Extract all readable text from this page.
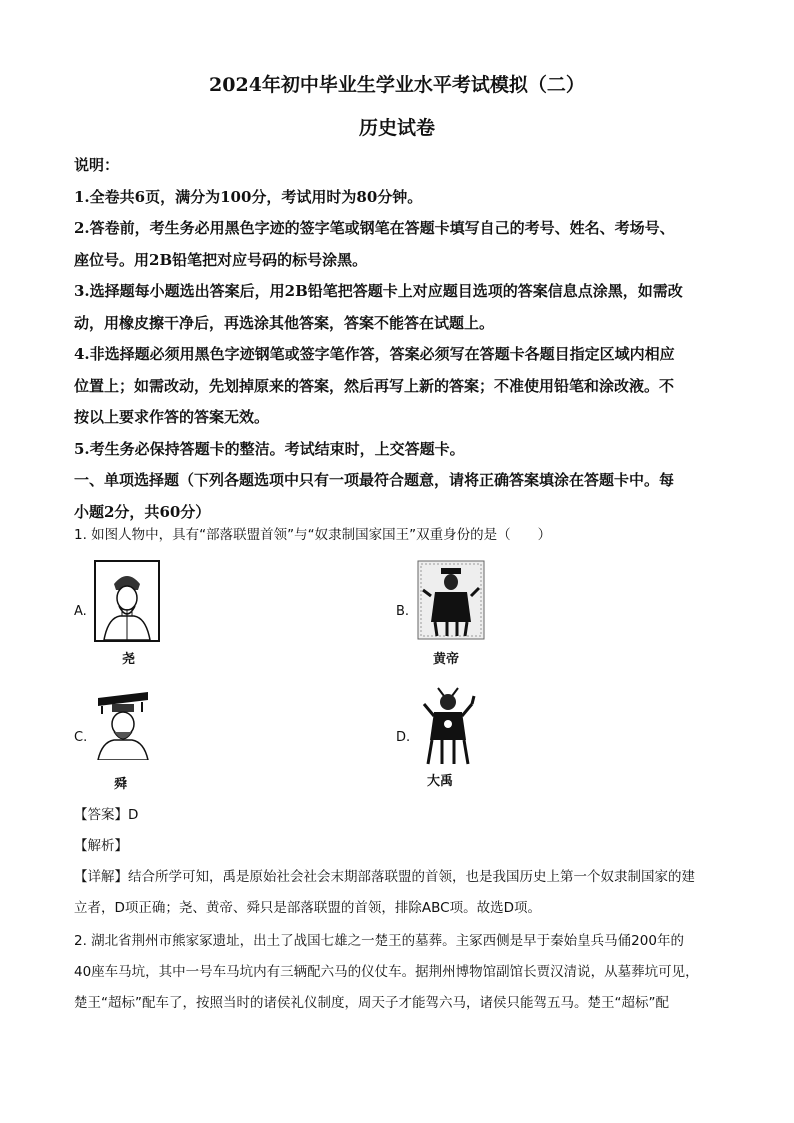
2024年初中毕业生学业水平考试模拟（二）
历史试卷

说明：

1.全卷共6页，满分为100分，考试用时为80分钟。

2.答卷前，考生务必用黑色字迹的签字笔或钢笔在答题卡填写自己的考号、姓名、考场号、

座位号。用2B铅笔把对应号码的标号涂黑。

3.选择题每小题选出答案后，用2B铅笔把答题卡上对应题目选项的答案信息点涂黑，如需改

动，用橡皮擦干净后，再选涂其他答案，答案不能答在试题上。

4.非选择题必须用黑色字迹钢笔或签字笔作答，答案必须写在答题卡各题目指定区域内相应

位置上；如需改动，先划掉原来的答案，然后再写上新的答案；不准使用铅笔和涂改液。不

按以上要求作答的答案无效。

5.考生务必保持答题卡的整洁。考试结束时，上交答题卡。

一、单项选择题（下列各题选项中只有一项最符合题意，请将正确答案填涂在答题卡中。每

小题2分，共60分）

1. 如图人物中，具有“部落联盟首领”与“奴隶制国家国王”双重身份的是（　　）

A.
尧
B.
黄帝
C.
舜
D.
大禹

【答案】D

【解析】

【详解】结合所学可知，禹是原始社会社会末期部落联盟的首领，也是我国历史上第一个奴隶制国家的建

立者，D项正确；尧、黄帝、舜只是部落联盟的首领，排除ABC项。故选D项。

2. 湖北省荆州市熊家冢遗址，出土了战国七雄之一楚王的墓葬。主冢西侧是早于秦始皇兵马俑200年的

40座车马坑，其中一号车马坑内有三辆配六马的仪仗车。据荆州博物馆副馆长贾汉清说，从墓葬坑可见，

楚王“超标”配车了，按照当时的诸侯礼仪制度，周天子才能驾六马，诸侯只能驾五马。楚王“超标”配
